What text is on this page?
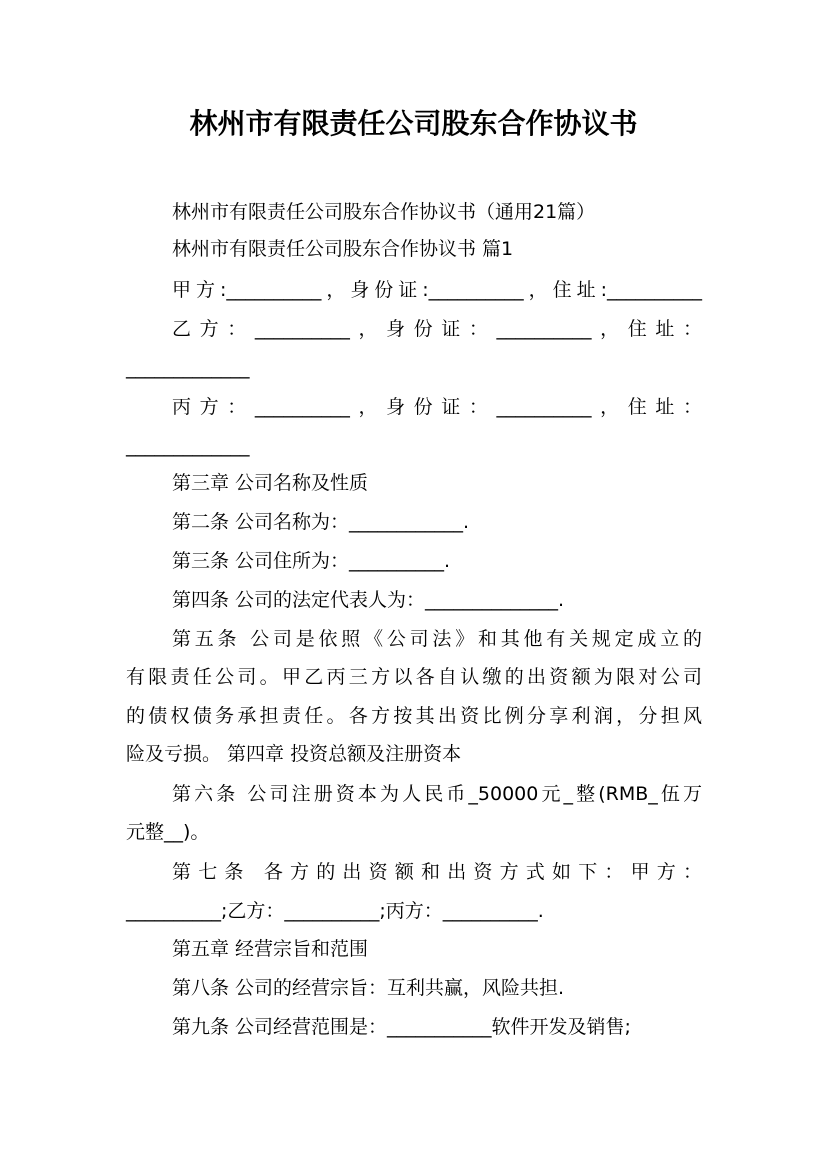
林州市有限责任公司股东合作协议书
林州市有限责任公司股东合作协议书（通用21篇）
林州市有限责任公司股东合作协议书 篇1
甲方:__________，身份证:__________，住址:__________
乙方：__________，身份证：__________，住址：
_____________
丙方：__________，身份证：__________，住址：
_____________
第三章 公司名称及性质
第二条 公司名称为：____________.
第三条 公司住所为：__________.
第四条 公司的法定代表人为：______________.
第五条 公司是依照《公司法》和其他有关规定成立的
有限责任公司。甲乙丙三方以各自认缴的出资额为限对公司
的债权债务承担责任。各方按其出资比例分享利润，分担风
险及亏损。 第四章 投资总额及注册资本
第六条 公司注册资本为人民币_50000元_整(RMB_伍万
元整__)。
第七条 各方的出资额和出资方式如下：甲方：
__________;乙方：__________;丙方：__________.
第五章 经营宗旨和范围
第八条 公司的经营宗旨：互利共赢，风险共担.
第九条 公司经营范围是：___________软件开发及销售;
